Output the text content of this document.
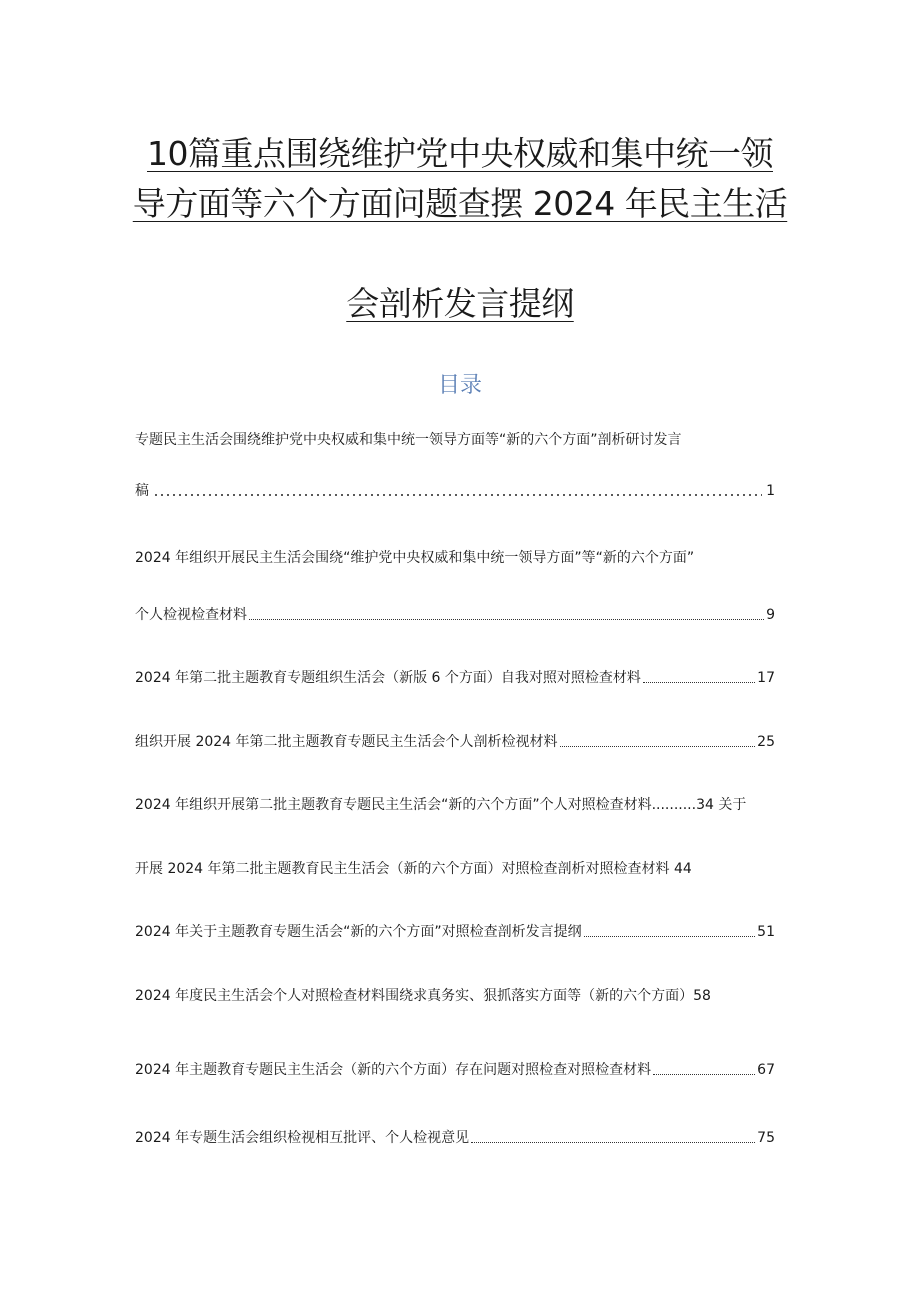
10篇重点围绕维护党中央权威和集中统一领
导方面等六个方面问题查摆 2024 年民主生活
会剖析发言提纲
目录
专题民主生活会围绕维护党中央权威和集中统一领导方面等“新的六个方面”剖析研讨发言
稿	1
2024 年组织开展民主生活会围绕“维护党中央权威和集中统一领导方面”等“新的六个方面”
个人检视检查材料	9
2024 年第二批主题教育专题组织生活会（新版 6 个方面）自我对照对照检查材料	17
组织开展 2024 年第二批主题教育专题民主生活会个人剖析检视材料	25
2024 年组织开展第二批主题教育专题民主生活会“新的六个方面”个人对照检查材料..........34 关于
开展 2024 年第二批主题教育民主生活会（新的六个方面）对照检查剖析对照检查材料 44
2024 年关于主题教育专题生活会“新的六个方面”对照检查剖析发言提纲	51
2024 年度民主生活会个人对照检查材料围绕求真务实、狠抓落实方面等（新的六个方面）58
2024 年主题教育专题民主生活会（新的六个方面）存在问题对照检查对照检查材料	67
2024 年专题生活会组织检视相互批评、个人检视意见	75
